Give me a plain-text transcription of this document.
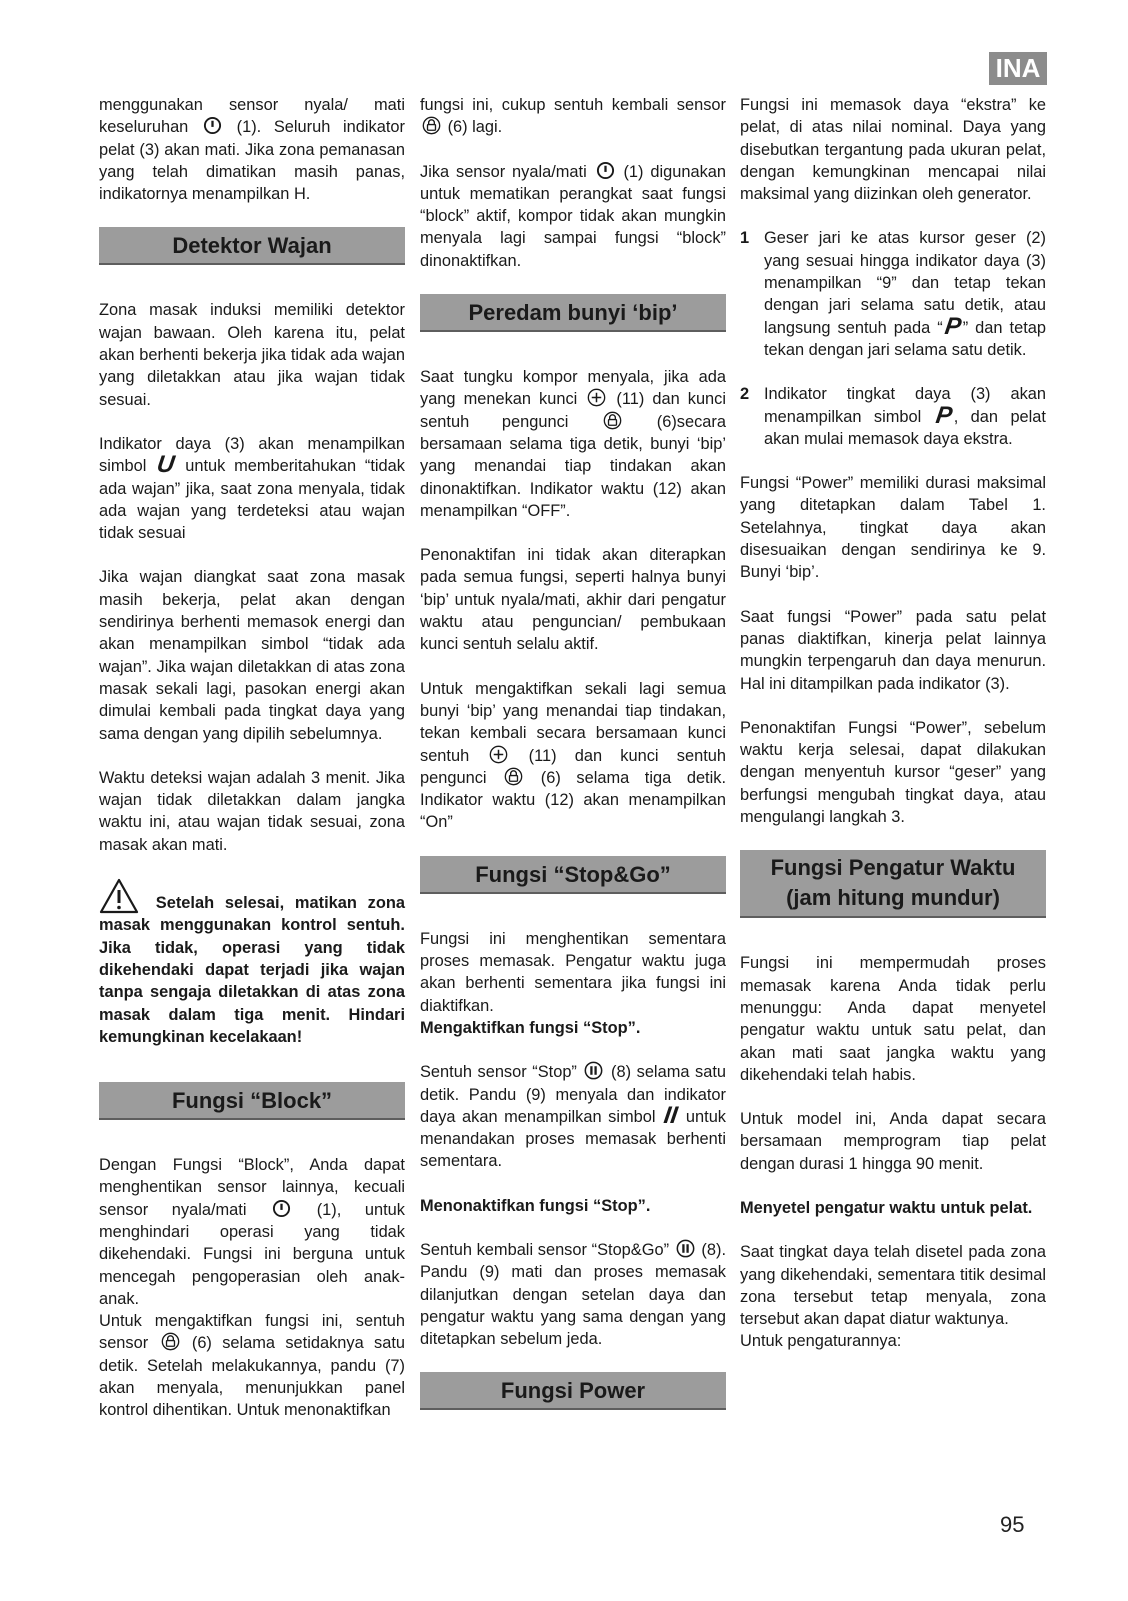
INA

menggunakan sensor nyala/ mati keseluruhan	(1). Seluruh indikator pelat (3) akan mati. Jika zona pemanasan yang telah dimatikan masih panas, indikatornya menampilkan H.

Detektor Wajan

Zona masak induksi memiliki detektor wajan bawaan. Oleh karena itu, pelat akan berhenti bekerja jika tidak ada wajan yang diletakkan atau jika wajan tidak sesuai.

Indikator daya (3) akan menampilkan simbol U untuk memberitahukan “tidak ada wajan” jika, saat zona menyala, tidak ada wajan yang terdeteksi atau wajan tidak sesuai

Jika wajan diangkat saat zona masak masih bekerja, pelat akan dengan sendirinya berhenti memasok energi dan akan menampilkan simbol “tidak ada wajan”. Jika wajan diletakkan di atas zona masak sekali lagi, pasokan energi akan dimulai kembali pada tingkat daya yang sama dengan yang dipilih sebelumnya.

Waktu deteksi wajan adalah 3 menit. Jika wajan tidak diletakkan dalam jangka waktu ini, atau wajan tidak sesuai, zona masak akan mati.

Setelah selesai, matikan zona masak menggunakan kontrol sentuh. Jika tidak, operasi yang tidak dikehendaki dapat terjadi jika wajan tanpa sengaja diletakkan di atas zona masak dalam tiga menit. Hindari kemungkinan kecelakaan!
Fungsi “Block”

Dengan Fungsi “Block”, Anda dapat menghentikan sensor lainnya, kecuali sensor nyala/mati	(1), untuk menghindari operasi yang tidak dikehendaki. Fungsi ini berguna untuk mencegah pengoperasian oleh anak-anak.

Untuk mengaktifkan fungsi ini, sentuh sensor	(6) selama setidaknya satu detik. Setelah melakukannya, pandu (7) akan menyala, menunjukkan panel kontrol dihentikan. Untuk menonaktifkan

fungsi ini, cukup sentuh kembali sensor  (6) lagi.

Jika sensor nyala/mati (1) digunakan untuk mematikan perangkat saat fungsi “block” aktif, kompor tidak akan mungkin menyala lagi sampai fungsi “block” dinonaktifkan.

Peredam bunyi ‘bip’

Saat tungku kompor menyala, jika ada yang menekan kunci (11) dan kunci sentuh pengunci	(6)secara bersamaan selama tiga detik, bunyi ‘bip’ yang menandai tiap tindakan akan dinonaktifkan. Indikator waktu (12) akan menampilkan “OFF”.

Penonaktifan ini tidak akan diterapkan pada semua fungsi, seperti halnya bunyi ‘bip’ untuk nyala/mati, akhir dari pengatur waktu atau penguncian/ pembukaan kunci sentuh selalu aktif.

Untuk mengaktifkan sekali lagi semua bunyi ‘bip’ yang menandai tiap tindakan, tekan kembali secara bersamaan kunci sentuh	(11) dan kunci sentuh pengunci	(6) selama tiga detik. Indikator waktu (12) akan menampilkan “On”

Fungsi “Stop&Go”

Fungsi ini menghentikan sementara proses memasak. Pengatur waktu juga akan berhenti sementara jika fungsi ini diaktifkan.

Mengaktifkan fungsi “Stop”.

Sentuh sensor “Stop” (8) selama satu detik. Pandu (9) menyala dan indikator daya akan menampilkan simbol II untuk menandakan proses memasak berhenti sementara.

Menonaktifkan fungsi “Stop”.

Sentuh kembali sensor “Stop&Go” (8). Pandu (9) mati dan proses memasak dilanjutkan dengan setelan daya dan pengatur waktu yang sama dengan yang ditetapkan sebelum jeda.

Fungsi Power

Fungsi ini memasok daya “ekstra” ke pelat, di atas nilai nominal. Daya yang disebutkan tergantung pada ukuran pelat, dengan kemungkinan mencapai nilai maksimal yang diizinkan oleh generator.

1 Geser jari ke atas kursor geser (2) yang sesuai hingga indikator daya (3) menampilkan “9” dan tetap tekan dengan jari selama satu detik, atau langsung sentuh pada “P” dan tetap tekan dengan jari selama satu detik.
2 Indikator tingkat daya (3) akan menampilkan simbol P, dan pelat akan mulai memasok daya ekstra.

Fungsi “Power” memiliki durasi maksimal yang ditetapkan dalam Tabel 1. Setelahnya, tingkat daya akan disesuaikan dengan sendirinya ke 9. Bunyi ‘bip’.

Saat fungsi “Power” pada satu pelat panas diaktifkan, kinerja pelat lainnya mungkin terpengaruh dan daya menurun. Hal ini ditampilkan pada indikator (3).

Penonaktifan Fungsi “Power”, sebelum waktu kerja selesai, dapat dilakukan dengan menyentuh kursor “geser” yang berfungsi mengubah tingkat daya, atau mengulangi langkah 3.

Fungsi Pengatur Waktu
(jam hitung mundur)

Fungsi ini mempermudah proses memasak karena Anda tidak perlu menunggu: Anda dapat menyetel pengatur waktu untuk satu pelat, dan akan mati saat jangka waktu yang dikehendaki telah habis.

Untuk model ini, Anda dapat secara bersamaan memprogram tiap pelat dengan durasi 1 hingga 90 menit.

Menyetel pengatur waktu untuk pelat.

Saat tingkat daya telah disetel pada zona yang dikehendaki, sementara titik desimal zona tersebut tetap menyala, zona tersebut akan dapat diatur waktunya.

Untuk pengaturannya:

95
